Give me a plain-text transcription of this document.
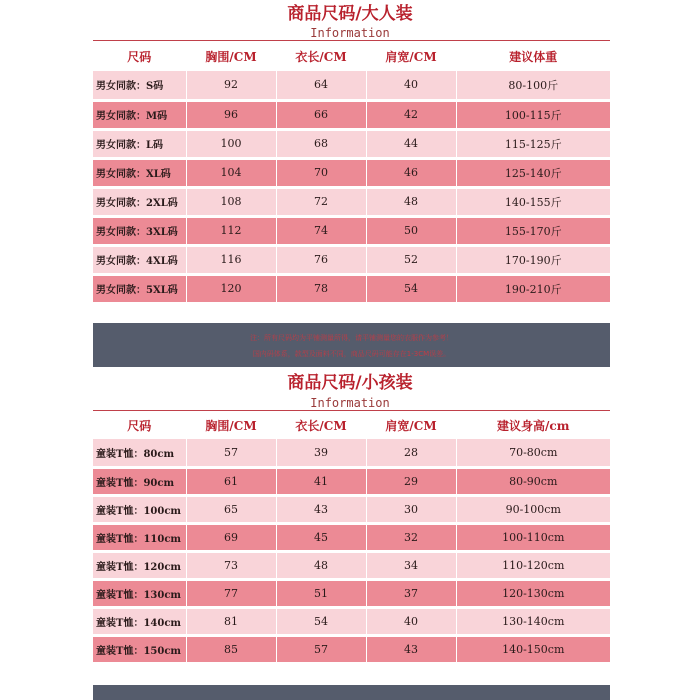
商品尺码/大人装
Information
尺码	胸围/CM	衣长/CM	肩宽/CM	建议体重
男女同款：S码	92	64	40	80-100斤
男女同款：M码	96	66	42	100-115斤
男女同款：L码	100	68	44	115-125斤
男女同款：XL码	104	70	46	125-140斤
男女同款：2XL码	108	72	48	140-155斤
男女同款：3XL码	112	74	50	155-170斤
男女同款：4XL码	116	76	52	170-190斤
男女同款：5XL码	120	78	54	190-210斤
注：所有尺码均为平铺测量所得，请平铺测量您的衣服作为参考！
国内码体系，款型及面料不同，商品尺码可能存在1-3CM误差。
商品尺码/小孩装
Information
尺码	胸围/CM	衣长/CM	肩宽/CM	建议身高/cm
童装T恤：80cm	57	39	28	70-80cm
童装T恤：90cm	61	41	29	80-90cm
童装T恤：100cm	65	43	30	90-100cm
童装T恤：110cm	69	45	32	100-110cm
童装T恤：120cm	73	48	34	110-120cm
童装T恤：130cm	77	51	37	120-130cm
童装T恤：140cm	81	54	40	130-140cm
童装T恤：150cm	85	57	43	140-150cm
